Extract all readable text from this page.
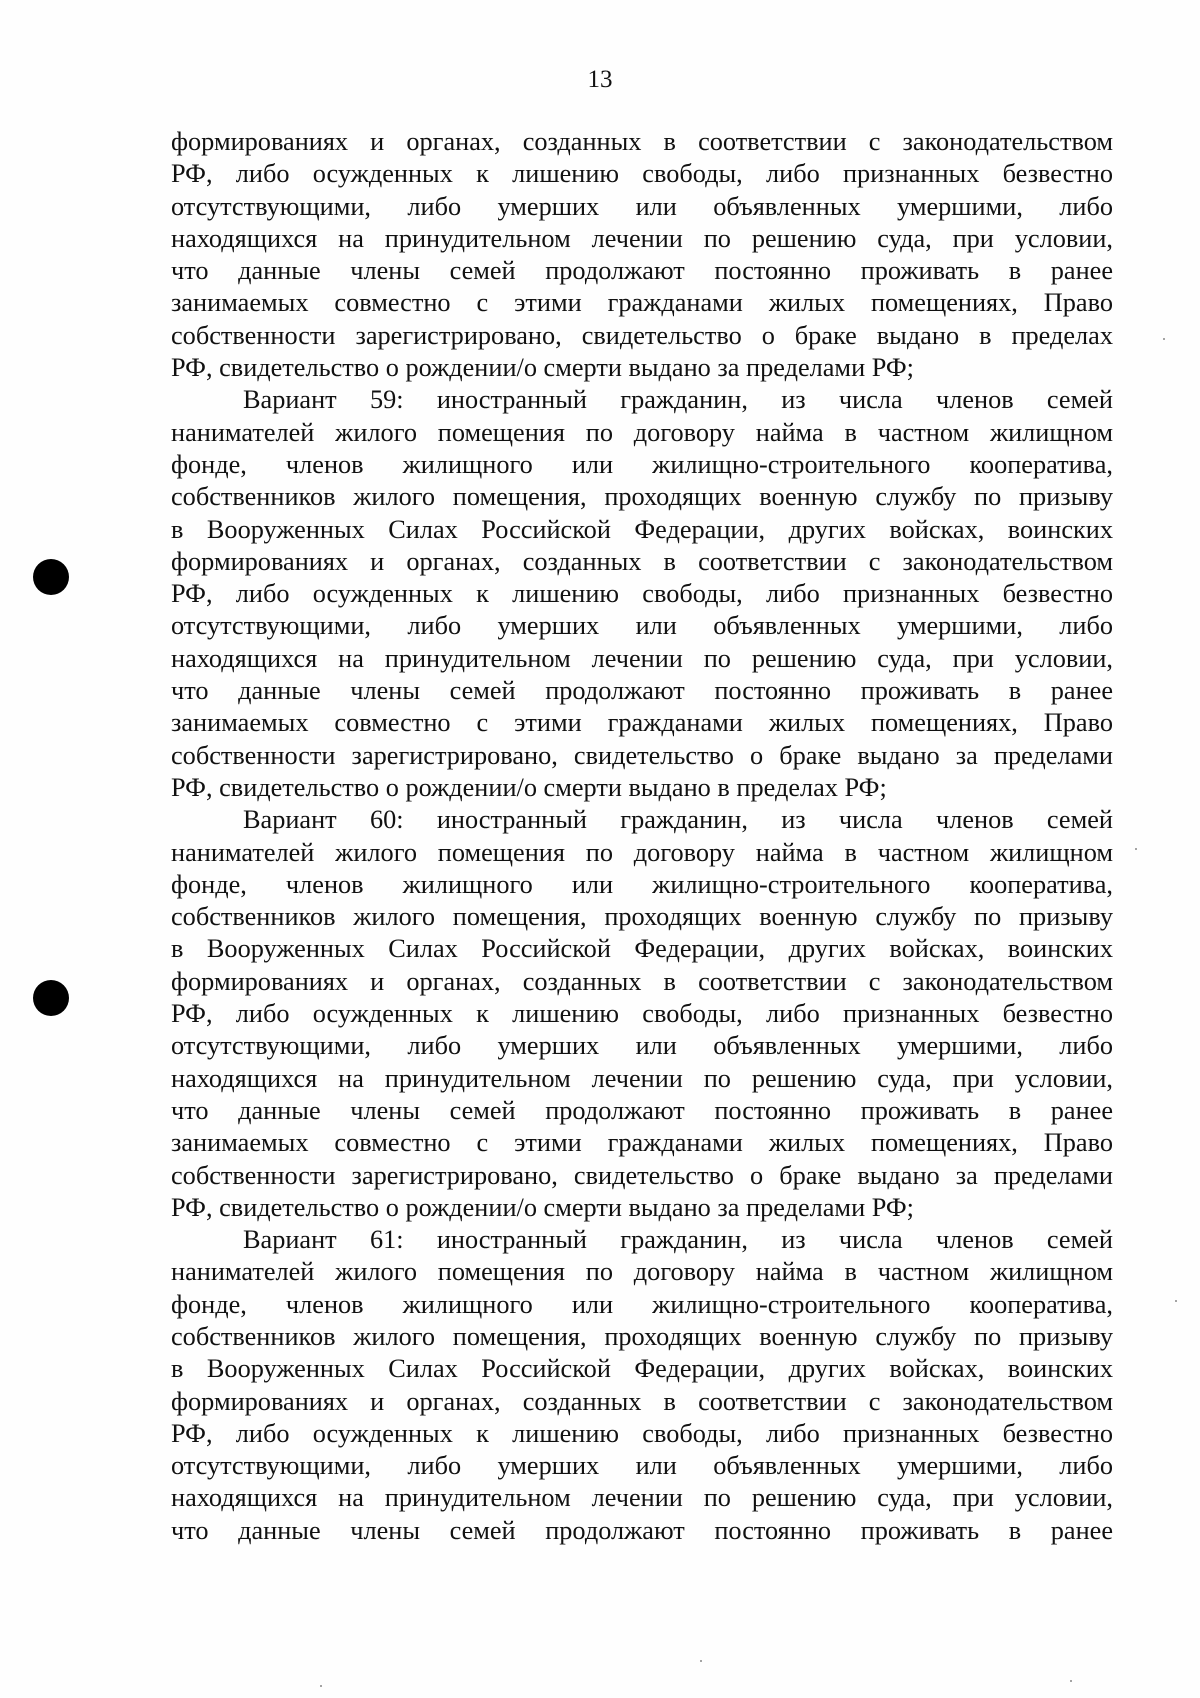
13
формированиях и органах, созданных в соответствии с законодательством
РФ, либо осужденных к лишению свободы, либо признанных безвестно
отсутствующими, либо умерших или объявленных умершими, либо
находящихся на принудительном лечении по решению суда, при условии,
что данные члены семей продолжают постоянно проживать в ранее
занимаемых совместно с этими гражданами жилых помещениях, Право
собственности зарегистрировано, свидетельство о браке выдано в пределах
РФ, свидетельство о рождении/о смерти выдано за пределами РФ;
Вариант 59: иностранный гражданин, из числа членов семей
нанимателей жилого помещения по договору найма в частном жилищном
фонде, членов жилищного или жилищно-строительного кооператива,
собственников жилого помещения, проходящих военную службу по призыву
в Вооруженных Силах Российской Федерации, других войсках, воинских
формированиях и органах, созданных в соответствии с законодательством
РФ, либо осужденных к лишению свободы, либо признанных безвестно
отсутствующими, либо умерших или объявленных умершими, либо
находящихся на принудительном лечении по решению суда, при условии,
что данные члены семей продолжают постоянно проживать в ранее
занимаемых совместно с этими гражданами жилых помещениях, Право
собственности зарегистрировано, свидетельство о браке выдано за пределами
РФ, свидетельство о рождении/о смерти выдано в пределах РФ;
Вариант 60: иностранный гражданин, из числа членов семей
нанимателей жилого помещения по договору найма в частном жилищном
фонде, членов жилищного или жилищно-строительного кооператива,
собственников жилого помещения, проходящих военную службу по призыву
в Вооруженных Силах Российской Федерации, других войсках, воинских
формированиях и органах, созданных в соответствии с законодательством
РФ, либо осужденных к лишению свободы, либо признанных безвестно
отсутствующими, либо умерших или объявленных умершими, либо
находящихся на принудительном лечении по решению суда, при условии,
что данные члены семей продолжают постоянно проживать в ранее
занимаемых совместно с этими гражданами жилых помещениях, Право
собственности зарегистрировано, свидетельство о браке выдано за пределами
РФ, свидетельство о рождении/о смерти выдано за пределами РФ;
Вариант 61: иностранный гражданин, из числа членов семей
нанимателей жилого помещения по договору найма в частном жилищном
фонде, членов жилищного или жилищно-строительного кооператива,
собственников жилого помещения, проходящих военную службу по призыву
в Вооруженных Силах Российской Федерации, других войсках, воинских
формированиях и органах, созданных в соответствии с законодательством
РФ, либо осужденных к лишению свободы, либо признанных безвестно
отсутствующими, либо умерших или объявленных умершими, либо
находящихся на принудительном лечении по решению суда, при условии,
что данные члены семей продолжают постоянно проживать в ранее
